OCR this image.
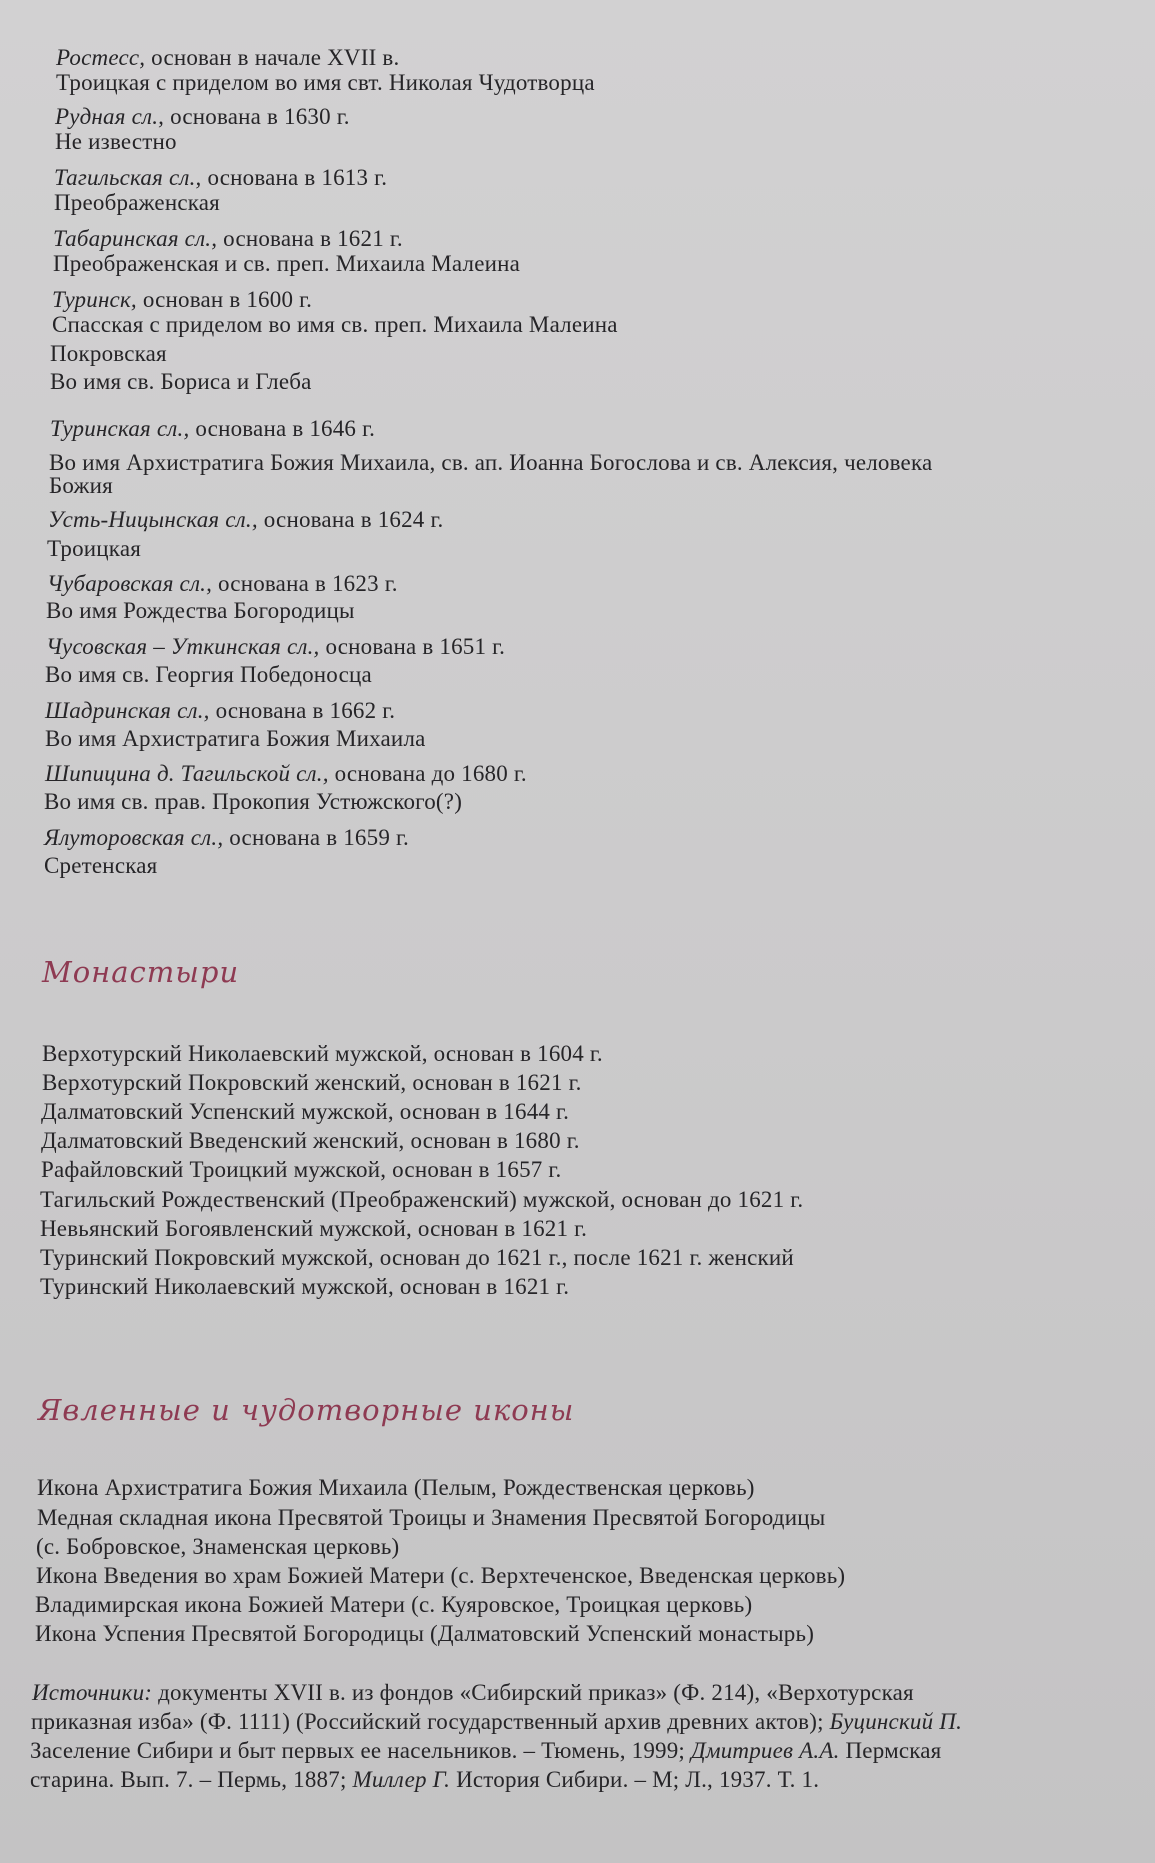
Ростесс, основан в начале XVII в.
Троицкая с приделом во имя свт. Николая Чудотворца
Рудная сл., основана в 1630 г.
Не известно
Тагильская сл., основана в 1613 г.
Преображенская
Табаринская сл., основана в 1621 г.
Преображенская и св. преп. Михаила Малеина
Туринск, основан в 1600 г.
Спасская с приделом во имя св. преп. Михаила Малеина
Покровская
Во имя св. Бориса и Глеба
Туринская сл., основана в 1646 г.
Во имя Архистратига Божия Михаила, св. ап. Иоанна Богослова и св. Алексия, человека
Божия
Усть-Ницынская сл., основана в 1624 г.
Троицкая
Чубаровская сл., основана в 1623 г.
Во имя Рождества Богородицы
Чусовская – Уткинская сл., основана в 1651 г.
Во имя св. Георгия Победоносца
Шадринская сл., основана в 1662 г.
Во имя Архистратига Божия Михаила
Шипицина д. Тагильской сл., основана до 1680 г.
Во имя св. прав. Прокопия Устюжского(?)
Ялуторовская сл., основана в 1659 г.
Сретенская
Монастыри
Верхотурский Николаевский мужской, основан в 1604 г.
Верхотурский Покровский женский, основан в 1621 г.
Далматовский Успенский мужской, основан в 1644 г.
Далматовский Введенский женский, основан в 1680 г.
Рафайловский Троицкий мужской, основан в 1657 г.
Тагильский Рождественский (Преображенский) мужской, основан до 1621 г.
Невьянский Богоявленский мужской, основан в 1621 г.
Туринский Покровский мужской, основан до 1621 г., после 1621 г. женский
Туринский Николаевский мужской, основан в 1621 г.
Явленные и чудотворные иконы
Икона Архистратига Божия Михаила (Пелым, Рождественская церковь)
Медная складная икона Пресвятой Троицы и Знамения Пресвятой Богородицы
(с. Бобровское, Знаменская церковь)
Икона Введения во храм Божией Матери (с. Верхтеченское, Введенская церковь)
Владимирская икона Божией Матери (с. Куяровское, Троицкая церковь)
Икона Успения Пресвятой Богородицы (Далматовский Успенский монастырь)
Источники: документы XVII в. из фондов «Сибирский приказ» (Ф. 214), «Верхотурская
приказная изба» (Ф. 1111) (Российский государственный архив древних актов); Буцинский П.
Заселение Сибири и быт первых ее насельников. – Тюмень, 1999; Дмитриев А.А. Пермская
старина. Вып. 7. – Пермь, 1887; Миллер Г. История Сибири. – М; Л., 1937. Т. 1.
